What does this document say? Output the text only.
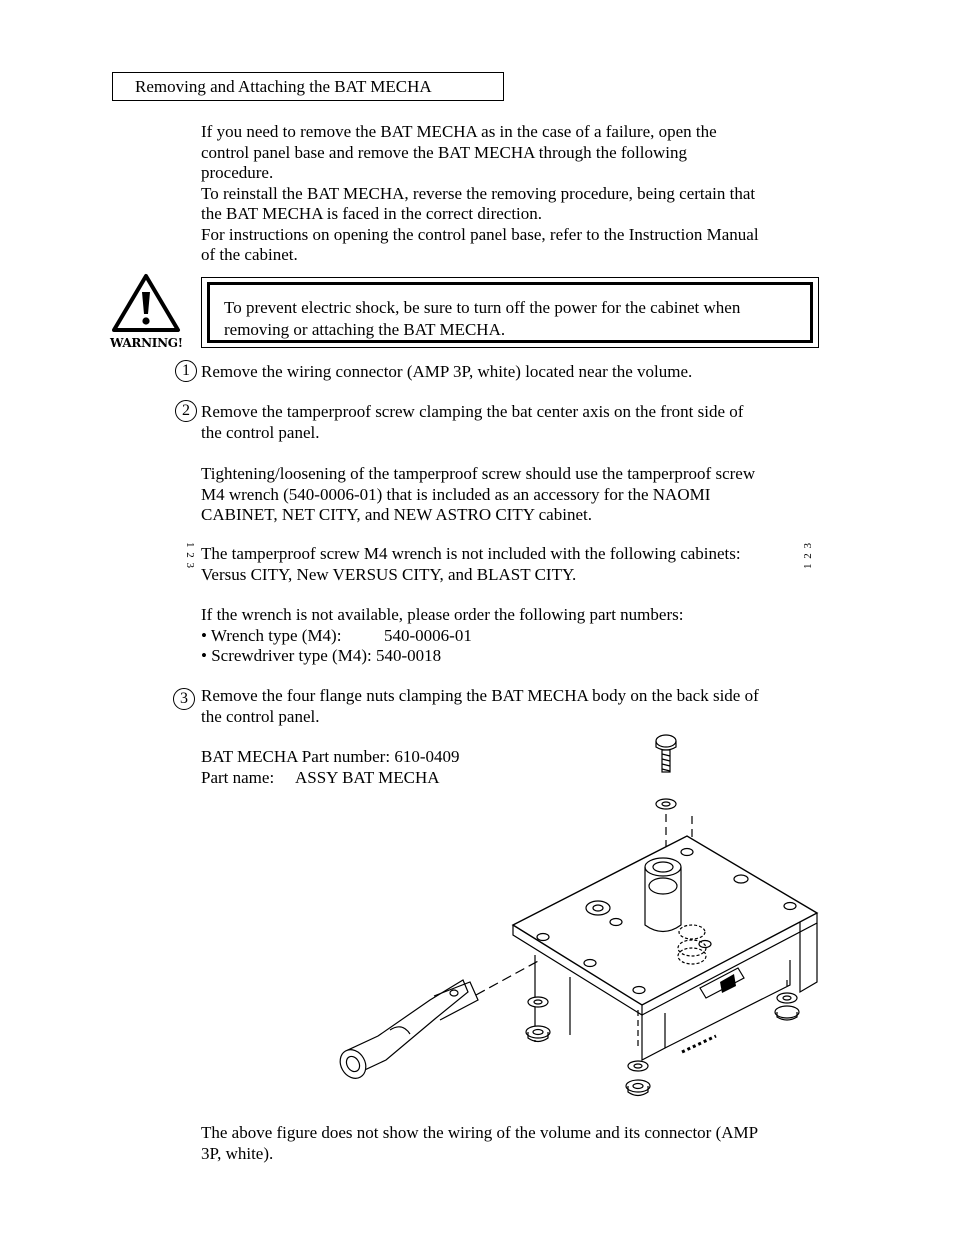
Removing and Attaching the BAT MECHA
If you need to remove the BAT MECHA as in the case of a failure, open the
control panel base and remove the BAT MECHA through the following
procedure.
To reinstall the BAT MECHA, reverse the removing procedure, being certain that
the BAT MECHA is faced in the correct direction.
For instructions on opening the control panel base, refer to the Instruction Manual
of the cabinet.
WARNING!
To prevent electric shock, be sure to turn off the power for the cabinet when
removing or attaching the BAT MECHA.
1 Remove the wiring connector (AMP 3P, white) located near the volume.
2 Remove the tamperproof screw clamping the bat center axis on the front side of
the control panel.
Tightening/loosening of the tamperproof screw should use the tamperproof screw
M4 wrench (540-0006-01) that is included as an accessory for the NAOMI
CABINET, NET CITY, and NEW ASTRO CITY cabinet.
1 2 3	1 2 3
The tamperproof screw M4 wrench is not included with the following cabinets:
Versus CITY, New VERSUS CITY, and BLAST CITY.
If the wrench is not available, please order the following part numbers:
• Wrench type (M4):	540-0006-01
• Screwdriver type (M4): 540-0018
3 Remove the four flange nuts clamping the BAT MECHA body on the back side of
the control panel.
BAT MECHA Part number: 610-0409
Part name: ASSY BAT MECHA
The above figure does not show the wiring of the volume and its connector (AMP
3P, white).
